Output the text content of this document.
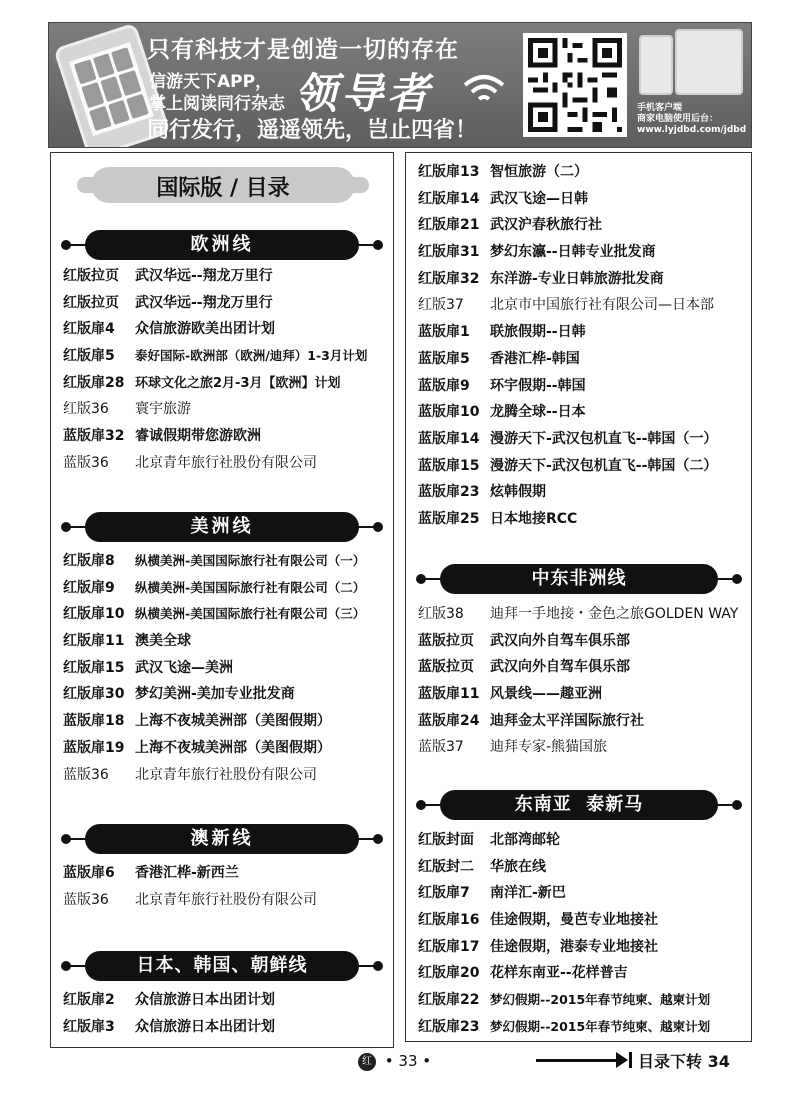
只有科技才是创造一切的存在
信游天下APP，
掌上阅读同行杂志 领导者
同行发行，遥遥领先，岂止四省！
手机客户端
商家电脑使用后台：
www.lyjdbd.com/jdbd
国际版 / 目录
欧洲线
红版拉页 武汉华远--翔龙万里行
红版拉页 武汉华远--翔龙万里行
红版扉4 众信旅游欧美出团计划
红版扉5 泰好国际-欧洲部（欧洲/迪拜）1-3月计划
红版扉28 环球文化之旅2月-3月【欧洲】计划
红版36 寰宇旅游
蓝版扉32 睿诚假期带您游欧洲
蓝版36 北京青年旅行社股份有限公司
美洲线
红版扉8 纵横美洲-美国国际旅行社有限公司（一）
红版扉9 纵横美洲-美国国际旅行社有限公司（二）
红版扉10 纵横美洲-美国国际旅行社有限公司（三）
红版扉11 澳美全球
红版扉15 武汉飞途—美洲
红版扉30 梦幻美洲-美加专业批发商
蓝版扉18 上海不夜城美洲部（美图假期）
蓝版扉19 上海不夜城美洲部（美图假期）
蓝版36 北京青年旅行社股份有限公司
澳新线
蓝版扉6 香港汇桦-新西兰
蓝版36 北京青年旅行社股份有限公司
日本、韩国、朝鲜线
红版扉2 众信旅游日本出团计划
红版扉3 众信旅游日本出团计划
红版扉13 智恒旅游（二）
红版扉14 武汉飞途—日韩
红版扉21 武汉沪春秋旅行社
红版扉31 梦幻东瀛--日韩专业批发商
红版扉32 东洋游-专业日韩旅游批发商
红版37 北京市中国旅行社有限公司—日本部
蓝版扉1 联旅假期--日韩
蓝版扉5 香港汇桦-韩国
蓝版扉9 环宇假期--韩国
蓝版扉10 龙腾全球--日本
蓝版扉14 漫游天下-武汉包机直飞--韩国（一）
蓝版扉15 漫游天下-武汉包机直飞--韩国（二）
蓝版扉23 炫韩假期
蓝版扉25 日本地接RCC
中东非洲线
红版38 迪拜一手地接・金色之旅GOLDEN WAY
蓝版拉页 武汉向外自驾车俱乐部
蓝版拉页 武汉向外自驾车俱乐部
蓝版扉11 风景线——趣亚洲
蓝版扉24 迪拜金太平洋国际旅行社
蓝版37 迪拜专家-熊猫国旅
东南亚  泰新马
红版封面 北部湾邮轮
红版封二 华旅在线
红版扉7 南洋汇-新巴
红版扉16 佳途假期，曼芭专业地接社
红版扉17 佳途假期，港泰专业地接社
红版扉20 花样东南亚--花样普吉
红版扉22 梦幻假期--2015年春节纯柬、越柬计划
红版扉23 梦幻假期--2015年春节纯柬、越柬计划
红 • 33 •	目录下转 34
